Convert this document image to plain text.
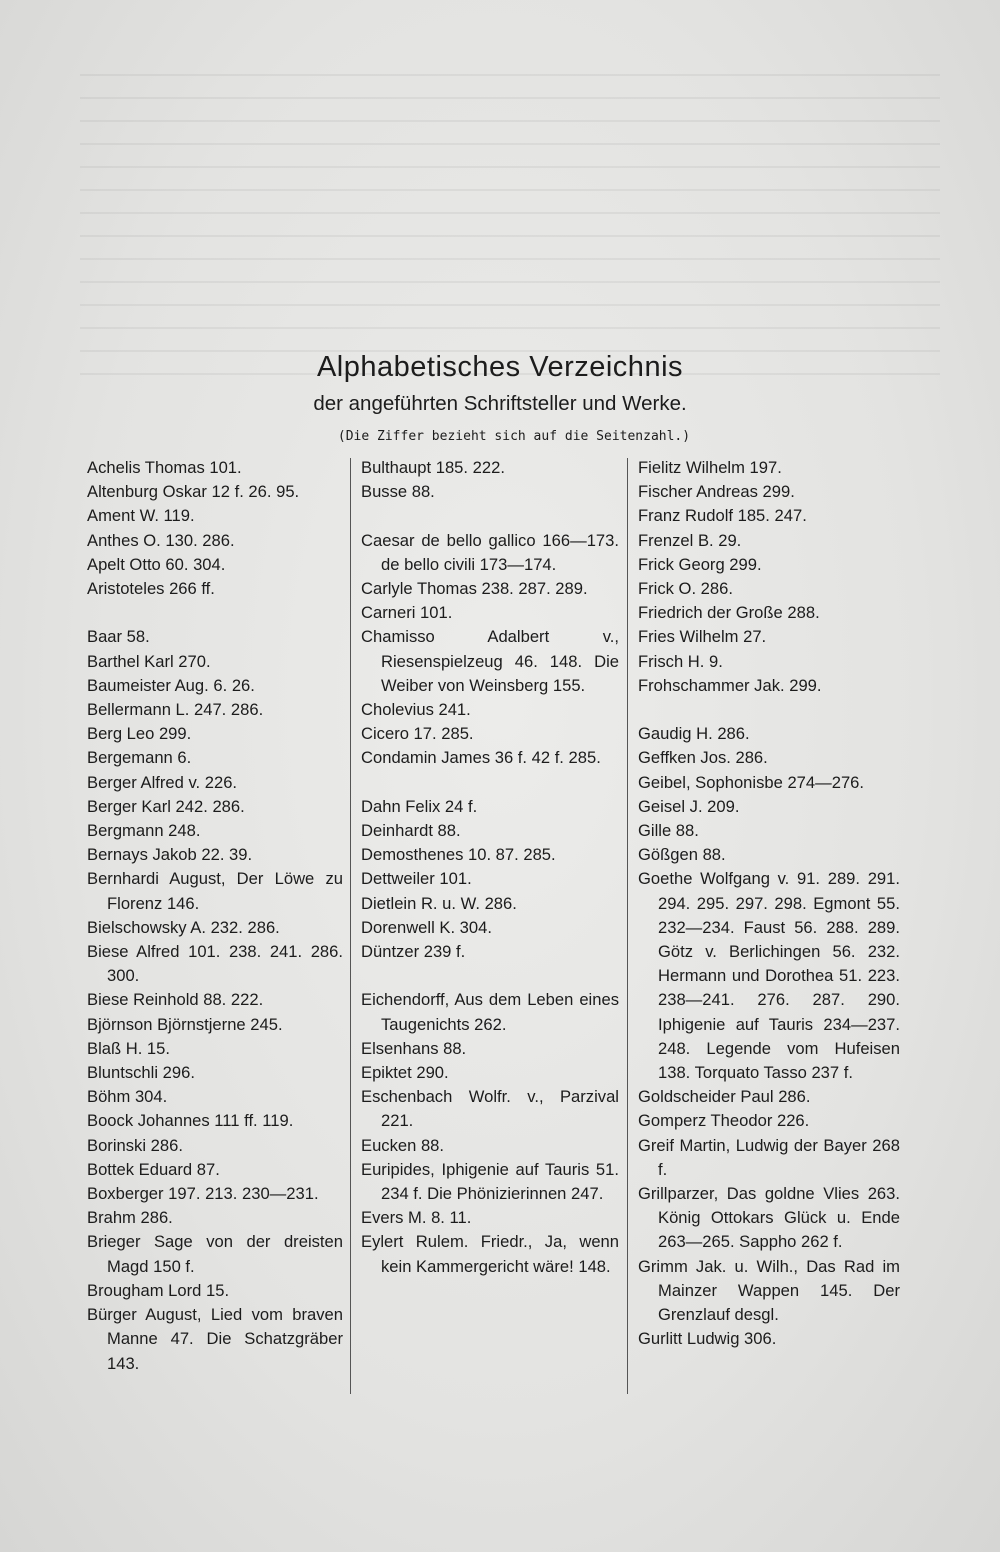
Alphabetisches Verzeichnis
der angeführten Schriftsteller und Werke.
(Die Ziffer bezieht sich auf die Seitenzahl.)
Achelis Thomas 101.
Altenburg Oskar 12 f. 26. 95.
Ament W. 119.
Anthes O. 130. 286.
Apelt Otto 60. 304.
Aristoteles 266 ff.
Baar 58.
Barthel Karl 270.
Baumeister Aug. 6. 26.
Bellermann L. 247. 286.
Berg Leo 299.
Bergemann 6.
Berger Alfred v. 226.
Berger Karl 242. 286.
Bergmann 248.
Bernays Jakob 22. 39.
Bernhardi August, Der Löwe zu Florenz 146.
Bielschowsky A. 232. 286.
Biese Alfred 101. 238. 241. 286. 300.
Biese Reinhold 88. 222.
Björnson Björnstjerne 245.
Blaß H. 15.
Bluntschli 296.
Böhm 304.
Boock Johannes 111 ff. 119.
Borinski 286.
Bottek Eduard 87.
Boxberger 197. 213. 230—231.
Brahm 286.
Brieger Sage von der dreisten Magd 150 f.
Brougham Lord 15.
Bürger August, Lied vom braven Manne 47. Die Schatzgräber 143.
Bulthaupt 185. 222.
Busse 88.
Caesar de bello gallico 166—173. de bello civili 173—174.
Carlyle Thomas 238. 287. 289.
Carneri 101.
Chamisso Adalbert v., Riesenspielzeug 46. 148. Die Weiber von Weinsberg 155.
Cholevius 241.
Cicero 17. 285.
Condamin James 36 f. 42 f. 285.
Dahn Felix 24 f.
Deinhardt 88.
Demosthenes 10. 87. 285.
Dettweiler 101.
Dietlein R. u. W. 286.
Dorenwell K. 304.
Düntzer 239 f.
Eichendorff, Aus dem Leben eines Taugenichts 262.
Elsenhans 88.
Epiktet 290.
Eschenbach Wolfr. v., Parzival 221.
Eucken 88.
Euripides, Iphigenie auf Tauris 51. 234 f. Die Phönizierinnen 247.
Evers M. 8. 11.
Eylert Rulem. Friedr., Ja, wenn kein Kammergericht wäre! 148.
Fielitz Wilhelm 197.
Fischer Andreas 299.
Franz Rudolf 185. 247.
Frenzel B. 29.
Frick Georg 299.
Frick O. 286.
Friedrich der Große 288.
Fries Wilhelm 27.
Frisch H. 9.
Frohschammer Jak. 299.
Gaudig H. 286.
Geffken Jos. 286.
Geibel, Sophonisbe 274—276.
Geisel J. 209.
Gille 88.
Gößgen 88.
Goethe Wolfgang v. 91. 289. 291. 294. 295. 297. 298. Egmont 55. 232—234. Faust 56. 288. 289. Götz v. Berlichingen 56. 232. Hermann und Dorothea 51. 223. 238—241. 276. 287. 290. Iphigenie auf Tauris 234—237. 248. Legende vom Hufeisen 138. Torquato Tasso 237 f.
Goldscheider Paul 286.
Gomperz Theodor 226.
Greif Martin, Ludwig der Bayer 268 f.
Grillparzer, Das goldne Vlies 263. König Ottokars Glück u. Ende 263—265. Sappho 262 f.
Grimm Jak. u. Wilh., Das Rad im Mainzer Wappen 145. Der Grenzlauf desgl.
Gurlitt Ludwig 306.
